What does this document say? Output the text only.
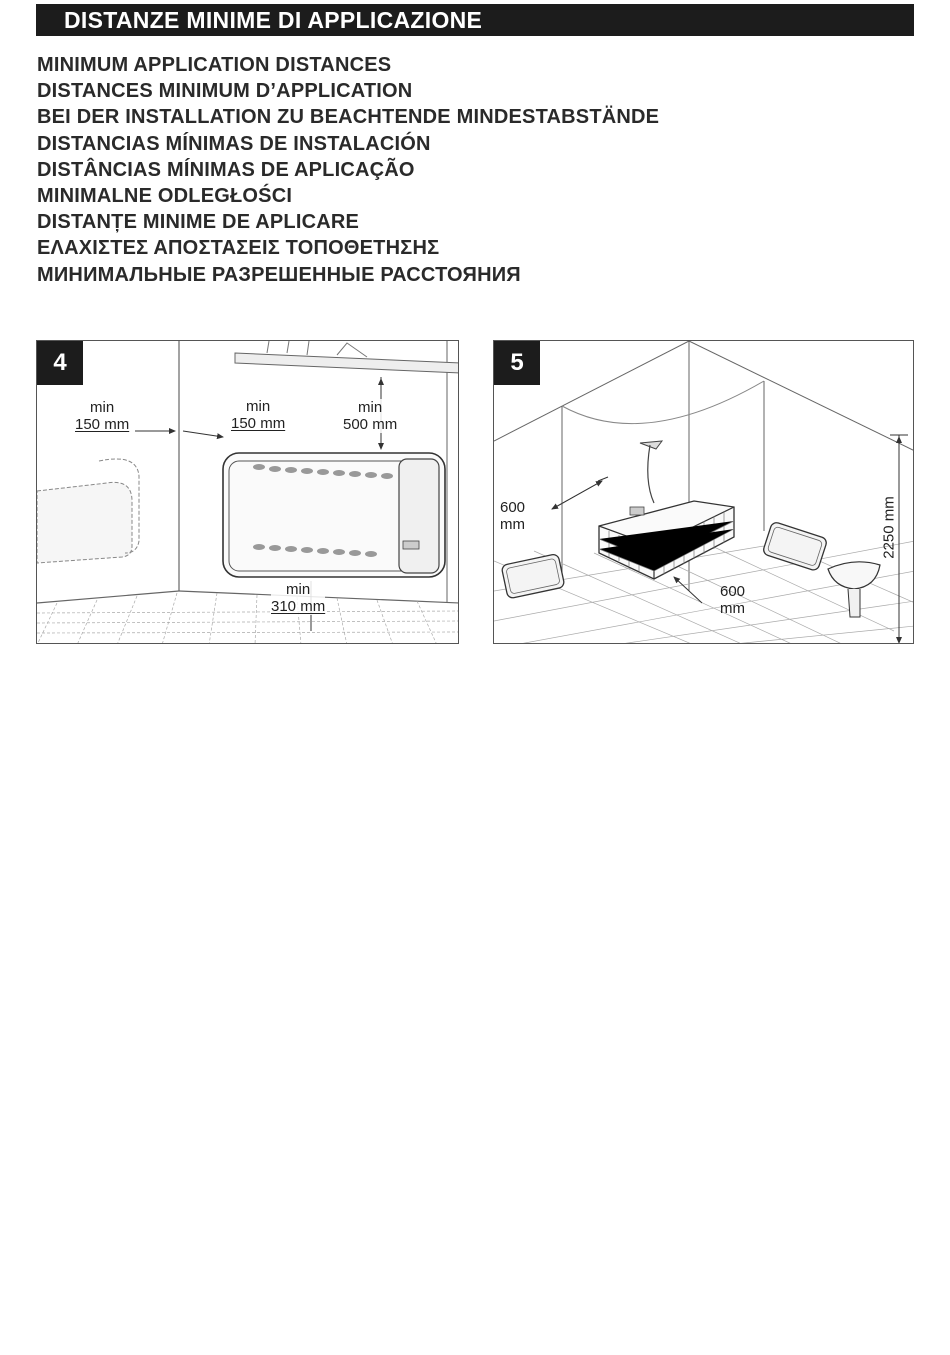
DISTANZE MINIME DI APPLICAZIONE
MINIMUM APPLICATION DISTANCES
DISTANCES MINIMUM D’APPLICATION
BEI DER INSTALLATION ZU BEACHTENDE MINDESTABSTÄNDE
DISTANCIAS MÍNIMAS DE INSTALACIÓN
DISTÂNCIAS MÍNIMAS DE APLICAÇÃO
MINIMALNE ODLEGŁOŚCI
DISTANȚE MINIME DE APLICARE
ΕΛΑΧΙΣΤΕΣ ΑΠΟΣΤΑΣΕΙΣ ΤΟΠΟΘΕΤΗΣΗΣ
МИНИМАЛЬНЫЕ РАЗРЕШЕННЫЕ РАССТОЯНИЯ
4
min
150 mm
min
150 mm
min
500 mm
min
310 mm
5
600
mm
600
mm
2250 mm
